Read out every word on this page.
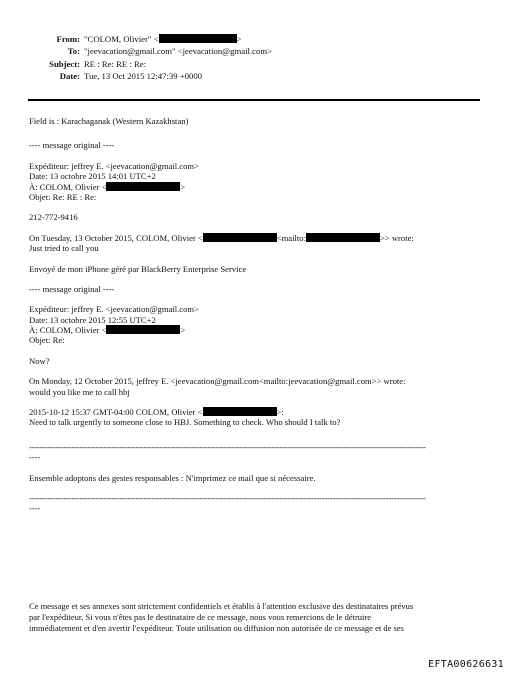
From: "COLOM, Olivier" <	>
To: "jeevacation@gmail.com" <jeevacation@gmail.com>
Subject: RE : Re: RE : Re:
Date: Tue, 13 Oct 2015 12:47:39 +0000
Field is : Karachaganak (Western Kazakhstan)
---- message original ----
Expéditeur: jeffrey E. <jeevacation@gmail.com>
Date: 13 octobre 2015 14:01 UTC+2
À: COLOM, Olivier <	>
Objet: Re: RE : Re:
212-772-9416
On Tuesday, 13 October 2015, COLOM, Olivier <	<mailto:	>> wrote:
Just tried to call you
Envoyé de mon iPhone géré par BlackBerry Enterprise Service
---- message original ----
Expéditeur: jeffrey E. <jeevacation@gmail.com>
Date: 13 octobre 2015 12:55 UTC+2
À: COLOM, Olivier <	>
Objet: Re:
Now?
On Monday, 12 October 2015, jeffrey E. <jeevacation@gmail.com<mailto:jeevacation@gmail.com>> wrote:
would you like me to call hbj
2015-10-12 15:37 GMT-04:00 COLOM, Olivier <	>:
Need to talk urgently to someone close to HBJ. Something to check. Who should I talk to?
-----------------------------------------------------------------------------------------------------------------------------------------------------
----
Ensemble adoptons des gestes responsables : N'imprimez ce mail que si nécessaire.
-----------------------------------------------------------------------------------------------------------------------------------------------------
----
Ce message et ses annexes sont strictement confidentiels et établis à l'attention exclusive des destinataires prévus
par l'expéditeur. Si vous n'êtes pas le destinataire de ce message, nous vous remercions de le détruire
immédiatement et d'en avertir l'expéditeur. Toute utilisation ou diffusion non autorisée de ce message et de ses
EFTA00626631
